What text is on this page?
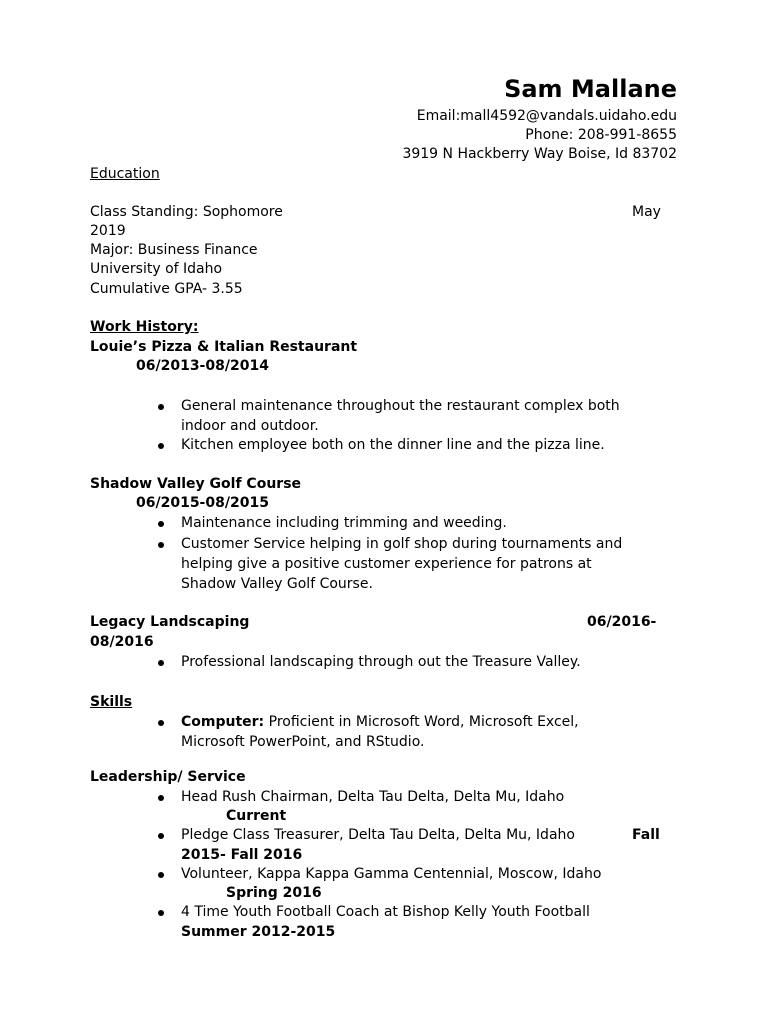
Sam Mallane
Email:mall4592@vandals.uidaho.edu
Phone: 208-991-8655
3919 N Hackberry Way Boise, Id 83702
Education
Class Standing: Sophomore	May
2019
Major: Business Finance
University of Idaho
Cumulative GPA- 3.55
Work History:
Louie’s Pizza & Italian Restaurant
06/2013-08/2014
General maintenance throughout the restaurant complex both
indoor and outdoor.
Kitchen employee both on the dinner line and the pizza line.
Shadow Valley Golf Course
06/2015-08/2015
Maintenance including trimming and weeding.
Customer Service helping in golf shop during tournaments and
helping give a positive customer experience for patrons at
Shadow Valley Golf Course.
Legacy Landscaping	06/2016-
08/2016
Professional landscaping through out the Treasure Valley.
Skills
Computer: Proficient in Microsoft Word, Microsoft Excel,
Microsoft PowerPoint, and RStudio.
Leadership/ Service
Head Rush Chairman, Delta Tau Delta, Delta Mu, Idaho
Current
Pledge Class Treasurer, Delta Tau Delta, Delta Mu, Idaho	Fall
2015- Fall 2016
Volunteer, Kappa Kappa Gamma Centennial, Moscow, Idaho
Spring 2016
4 Time Youth Football Coach at Bishop Kelly Youth Football
Summer 2012-2015
